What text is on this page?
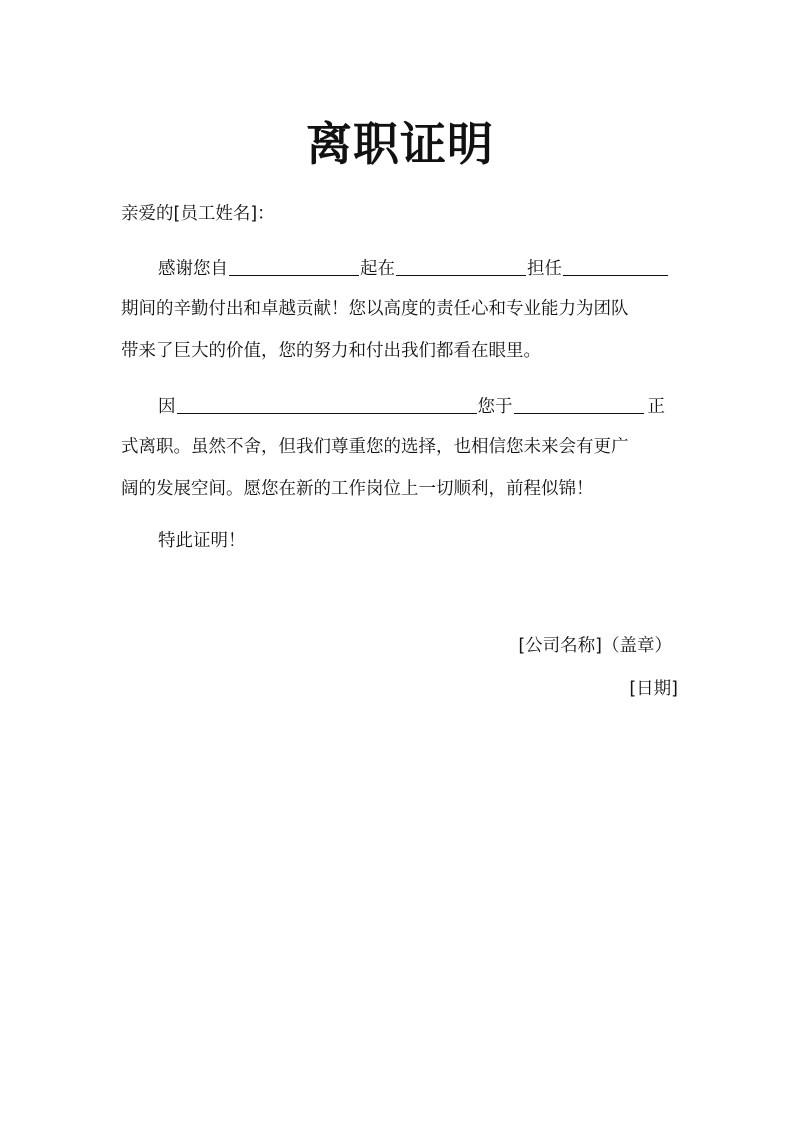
离职证明
亲爱的[员工姓名]：
感谢您自	起在	担任
期间的辛勤付出和卓越贡献！您以高度的责任心和专业能力为团队
带来了巨大的价值，您的努力和付出我们都看在眼里。
因	您于	正
式离职。虽然不舍，但我们尊重您的选择，也相信您未来会有更广
阔的发展空间。愿您在新的工作岗位上一切顺利，前程似锦！
特此证明！
[公司名称]（盖章）
[日期]
